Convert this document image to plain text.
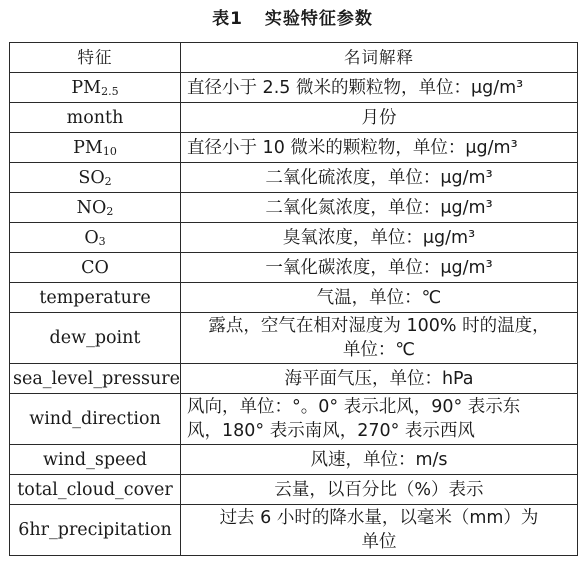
表1 实验特征参数
特征	名词解释
$PM_{2.5}$	直径小于 2.5 微米的颗粒物，单位：μg/m³
month	月份
$PM_{10}$	直径小于 10 微米的颗粒物，单位：μg/m³
$SO_2$	二氧化硫浓度，单位：μg/m³
$NO_2$	二氧化氮浓度，单位：μg/m³
$O_3$	臭氧浓度，单位：μg/m³
CO	一氧化碳浓度，单位：μg/m³
temperature	气温，单位：℃
dew_point	露点，空气在相对湿度为 100% 时的温度，
单位：℃

sea_level_pressure	海平面气压，单位：hPa
wind_direction	风向，单位：°。0° 表示北风，90° 表示东
风，180° 表示南风，270° 表示西风

wind_speed	风速，单位：m/s
total_cloud_cover	云量，以百分比（%）表示
6hr_precipitation	过去 6 小时的降水量，以毫米（mm）为
单位
